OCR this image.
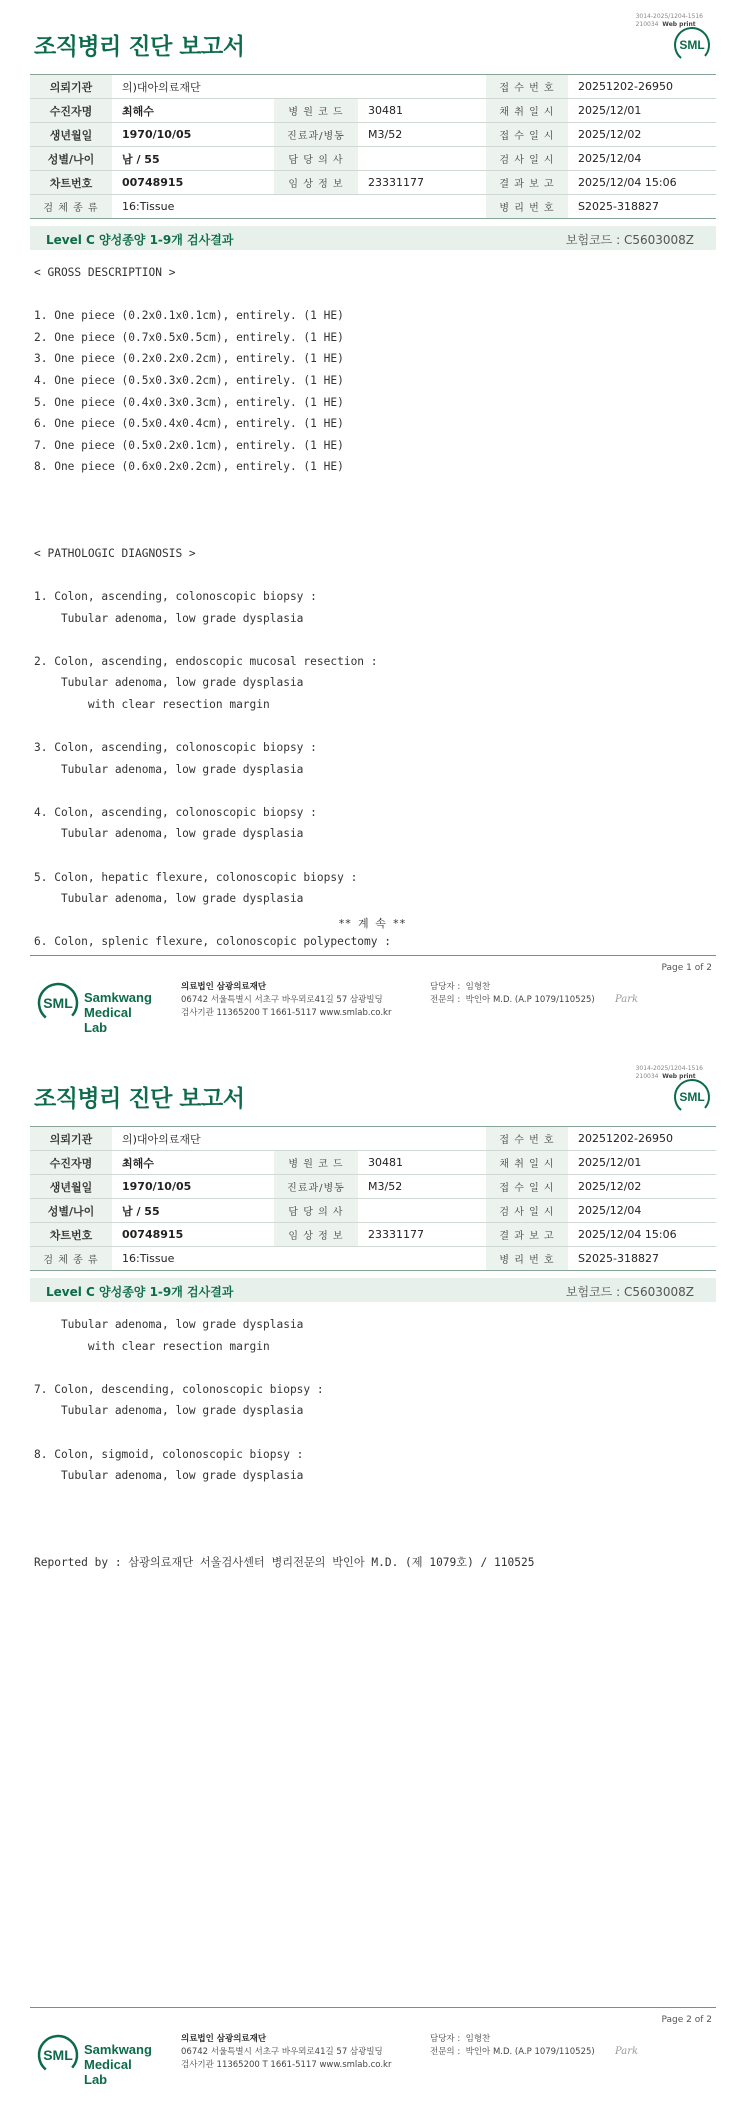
3014-2025/1204-1516
210034 Web print
조직병리 진단 보고서	SML
의뢰기관	의)대아의료재단			접 수 번 호	20251202-26950
수진자명	최해수	병 원 코 드	30481	채 취 일 시	2025/12/01
생년월일	1970/10/05	진료과/병동	M3/52	접 수 일 시	2025/12/02
성별/나이	남 / 55	담 당 의 사		검 사 일 시	2025/12/04
차트번호	00748915	임 상 정 보	23331177	결 과 보 고	2025/12/04 15:06
검 체 종 류	16:Tissue			병 리 번 호	S2025-318827
Level C 양성종양 1-9개 검사결과	보험코드 : C5603008Z
< GROSS DESCRIPTION >

1. One piece (0.2x0.1x0.1cm), entirely. (1 HE)
2. One piece (0.7x0.5x0.5cm), entirely. (1 HE)
3. One piece (0.2x0.2x0.2cm), entirely. (1 HE)
4. One piece (0.5x0.3x0.2cm), entirely. (1 HE)
5. One piece (0.4x0.3x0.3cm), entirely. (1 HE)
6. One piece (0.5x0.4x0.4cm), entirely. (1 HE)
7. One piece (0.5x0.2x0.1cm), entirely. (1 HE)
8. One piece (0.6x0.2x0.2cm), entirely. (1 HE)

< PATHOLOGIC DIAGNOSIS >

1. Colon, ascending, colonoscopic biopsy :
Tubular adenoma, low grade dysplasia

2. Colon, ascending, endoscopic mucosal resection :
Tubular adenoma, low grade dysplasia
with clear resection margin

3. Colon, ascending, colonoscopic biopsy :
Tubular adenoma, low grade dysplasia

4. Colon, ascending, colonoscopic biopsy :
Tubular adenoma, low grade dysplasia

5. Colon, hepatic flexure, colonoscopic biopsy :
Tubular adenoma, low grade dysplasia

6. Colon, splenic flexure, colonoscopic polypectomy :
** 계 속 **
Page 1 of 2
SML Samkwang
Medical Lab
의료법인 삼광의료재단
06742 서울특별시 서초구 바우뫼로41길 57 삼광빌딩
검사기관 11365200 T 1661-5117 www.smlab.co.kr
담당자 : 임형찬
전문의 : 박인아 M.D. (A.P 1079/110525) Park
3014-2025/1204-1516
210034 Web print
조직병리 진단 보고서	SML
의뢰기관	의)대아의료재단			접 수 번 호	20251202-26950
수진자명	최해수	병 원 코 드	30481	채 취 일 시	2025/12/01
생년월일	1970/10/05	진료과/병동	M3/52	접 수 일 시	2025/12/02
성별/나이	남 / 55	담 당 의 사		검 사 일 시	2025/12/04
차트번호	00748915	임 상 정 보	23331177	결 과 보 고	2025/12/04 15:06
검 체 종 류	16:Tissue			병 리 번 호	S2025-318827
Level C 양성종양 1-9개 검사결과	보험코드 : C5603008Z
Tubular adenoma, low grade dysplasia
with clear resection margin

7. Colon, descending, colonoscopic biopsy :
Tubular adenoma, low grade dysplasia

8. Colon, sigmoid, colonoscopic biopsy :
Tubular adenoma, low grade dysplasia

Reported by : 삼광의료재단 서울검사센터 병리전문의 박인아 M.D. (제 1079호) / 110525
Page 2 of 2
SML Samkwang
Medical Lab
의료법인 삼광의료재단
06742 서울특별시 서초구 바우뫼로41길 57 삼광빌딩
검사기관 11365200 T 1661-5117 www.smlab.co.kr
담당자 : 임형찬
전문의 : 박인아 M.D. (A.P 1079/110525) Park
